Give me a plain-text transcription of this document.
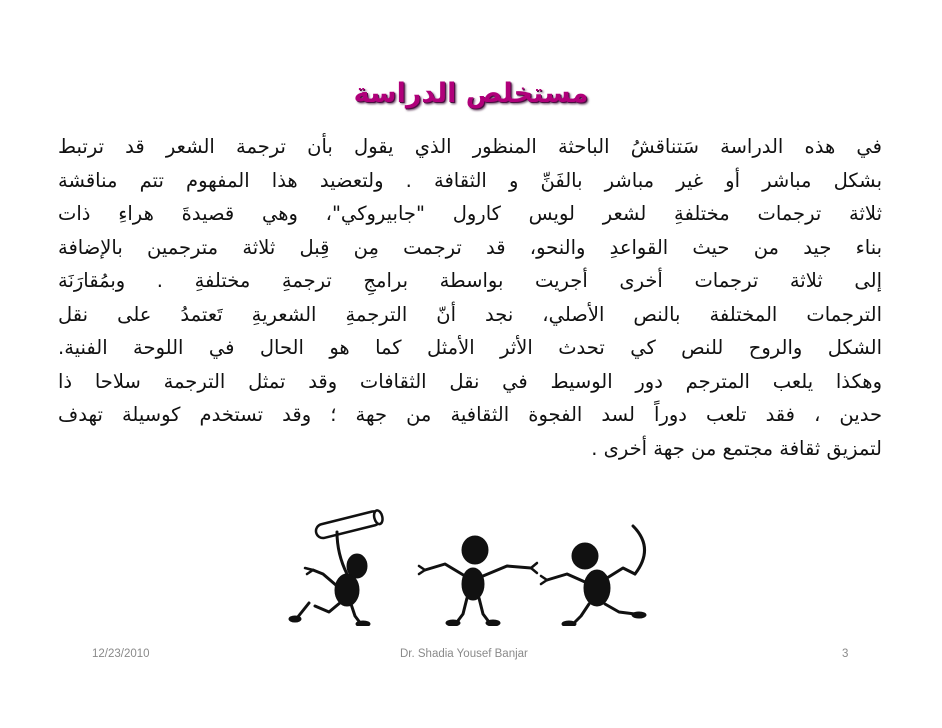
مستخلص الدراسة
في هذه الدراسة سَتناقشُ الباحثة المنظور الذي يقول بأن ترجمة الشعر قد ترتبط
بشكل مباشر أو غير مباشر بالفَنِّ و الثقافة . ولتعضيد هذا المفهوم تتم مناقشة
ثلاثة ترجمات مختلفةِ لشعر لويس كارول "جابيروكي"، وهي قصيدةَ هراءِ ذات
بناء جيد من حيث القواعدِ والنحو، قد ترجمت مِن قِبل ثلاثة مترجمين بالإضافة
إلى ثلاثة ترجمات أخرى أجريت بواسطة برامجِ ترجمةِ مختلفةِ . وبمُقارَنَة
الترجمات المختلفة بالنص الأصلي، نجد أنّ الترجمةِ الشعريةِ تَعتمدُ على نقل
الشكل والروح للنص كي تحدث الأثر الأمثل كما هو الحال في اللوحة الفنية.
وهكذا يلعب المترجم دور الوسيط في نقل الثقافات وقد تمثل الترجمة سلاحا ذا
حدين ، فقد تلعب دوراً لسد الفجوة الثقافية من جهة ؛ وقد تستخدم كوسيلة تهدف
لتمزيق ثقافة مجتمع من جهة أخرى .
12/23/2010	Dr. Shadia Yousef Banjar	3
